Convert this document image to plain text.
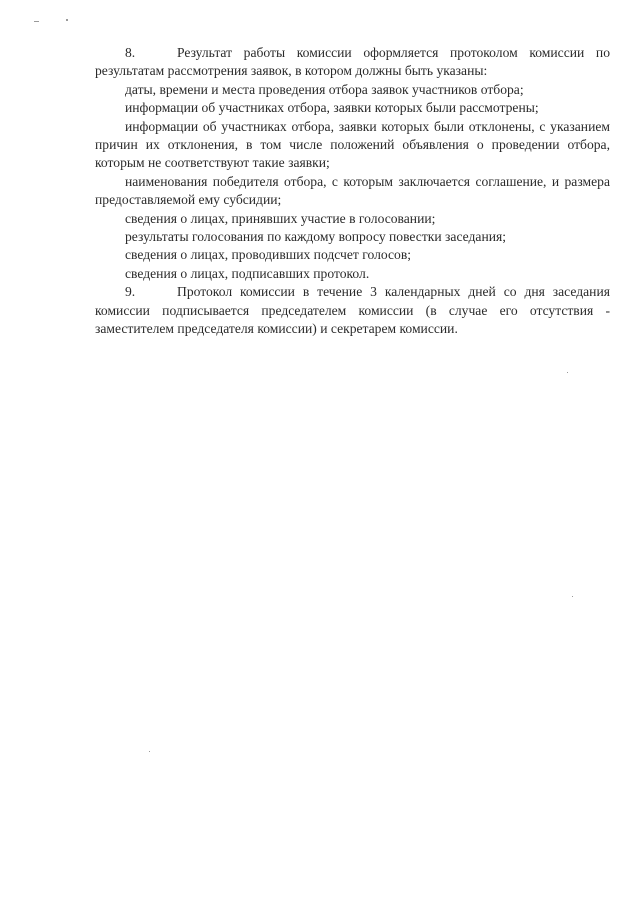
8.	Результат работы комиссии оформляется протоколом комиссии по результатам рассмотрения заявок, в котором должны быть указаны:

даты, времени и места проведения отбора заявок участников отбора;

информации об участниках отбора, заявки которых были рассмотрены;

информации об участниках отбора, заявки которых были отклонены, с указанием причин их отклонения, в том числе положений объявления о проведении отбора, которым не соответствуют такие заявки;

наименования победителя отбора, с которым заключается соглашение, и размера предоставляемой ему субсидии;

сведения о лицах, принявших участие в голосовании;

результаты голосования по каждому вопросу повестки заседания;

сведения о лицах, проводивших подсчет голосов;

сведения о лицах, подписавших протокол.

9.	Протокол комиссии в течение 3 календарных дней со дня заседания комиссии подписывается председателем комиссии (в случае его отсутствия - заместителем председателя комиссии) и секретарем комиссии.
